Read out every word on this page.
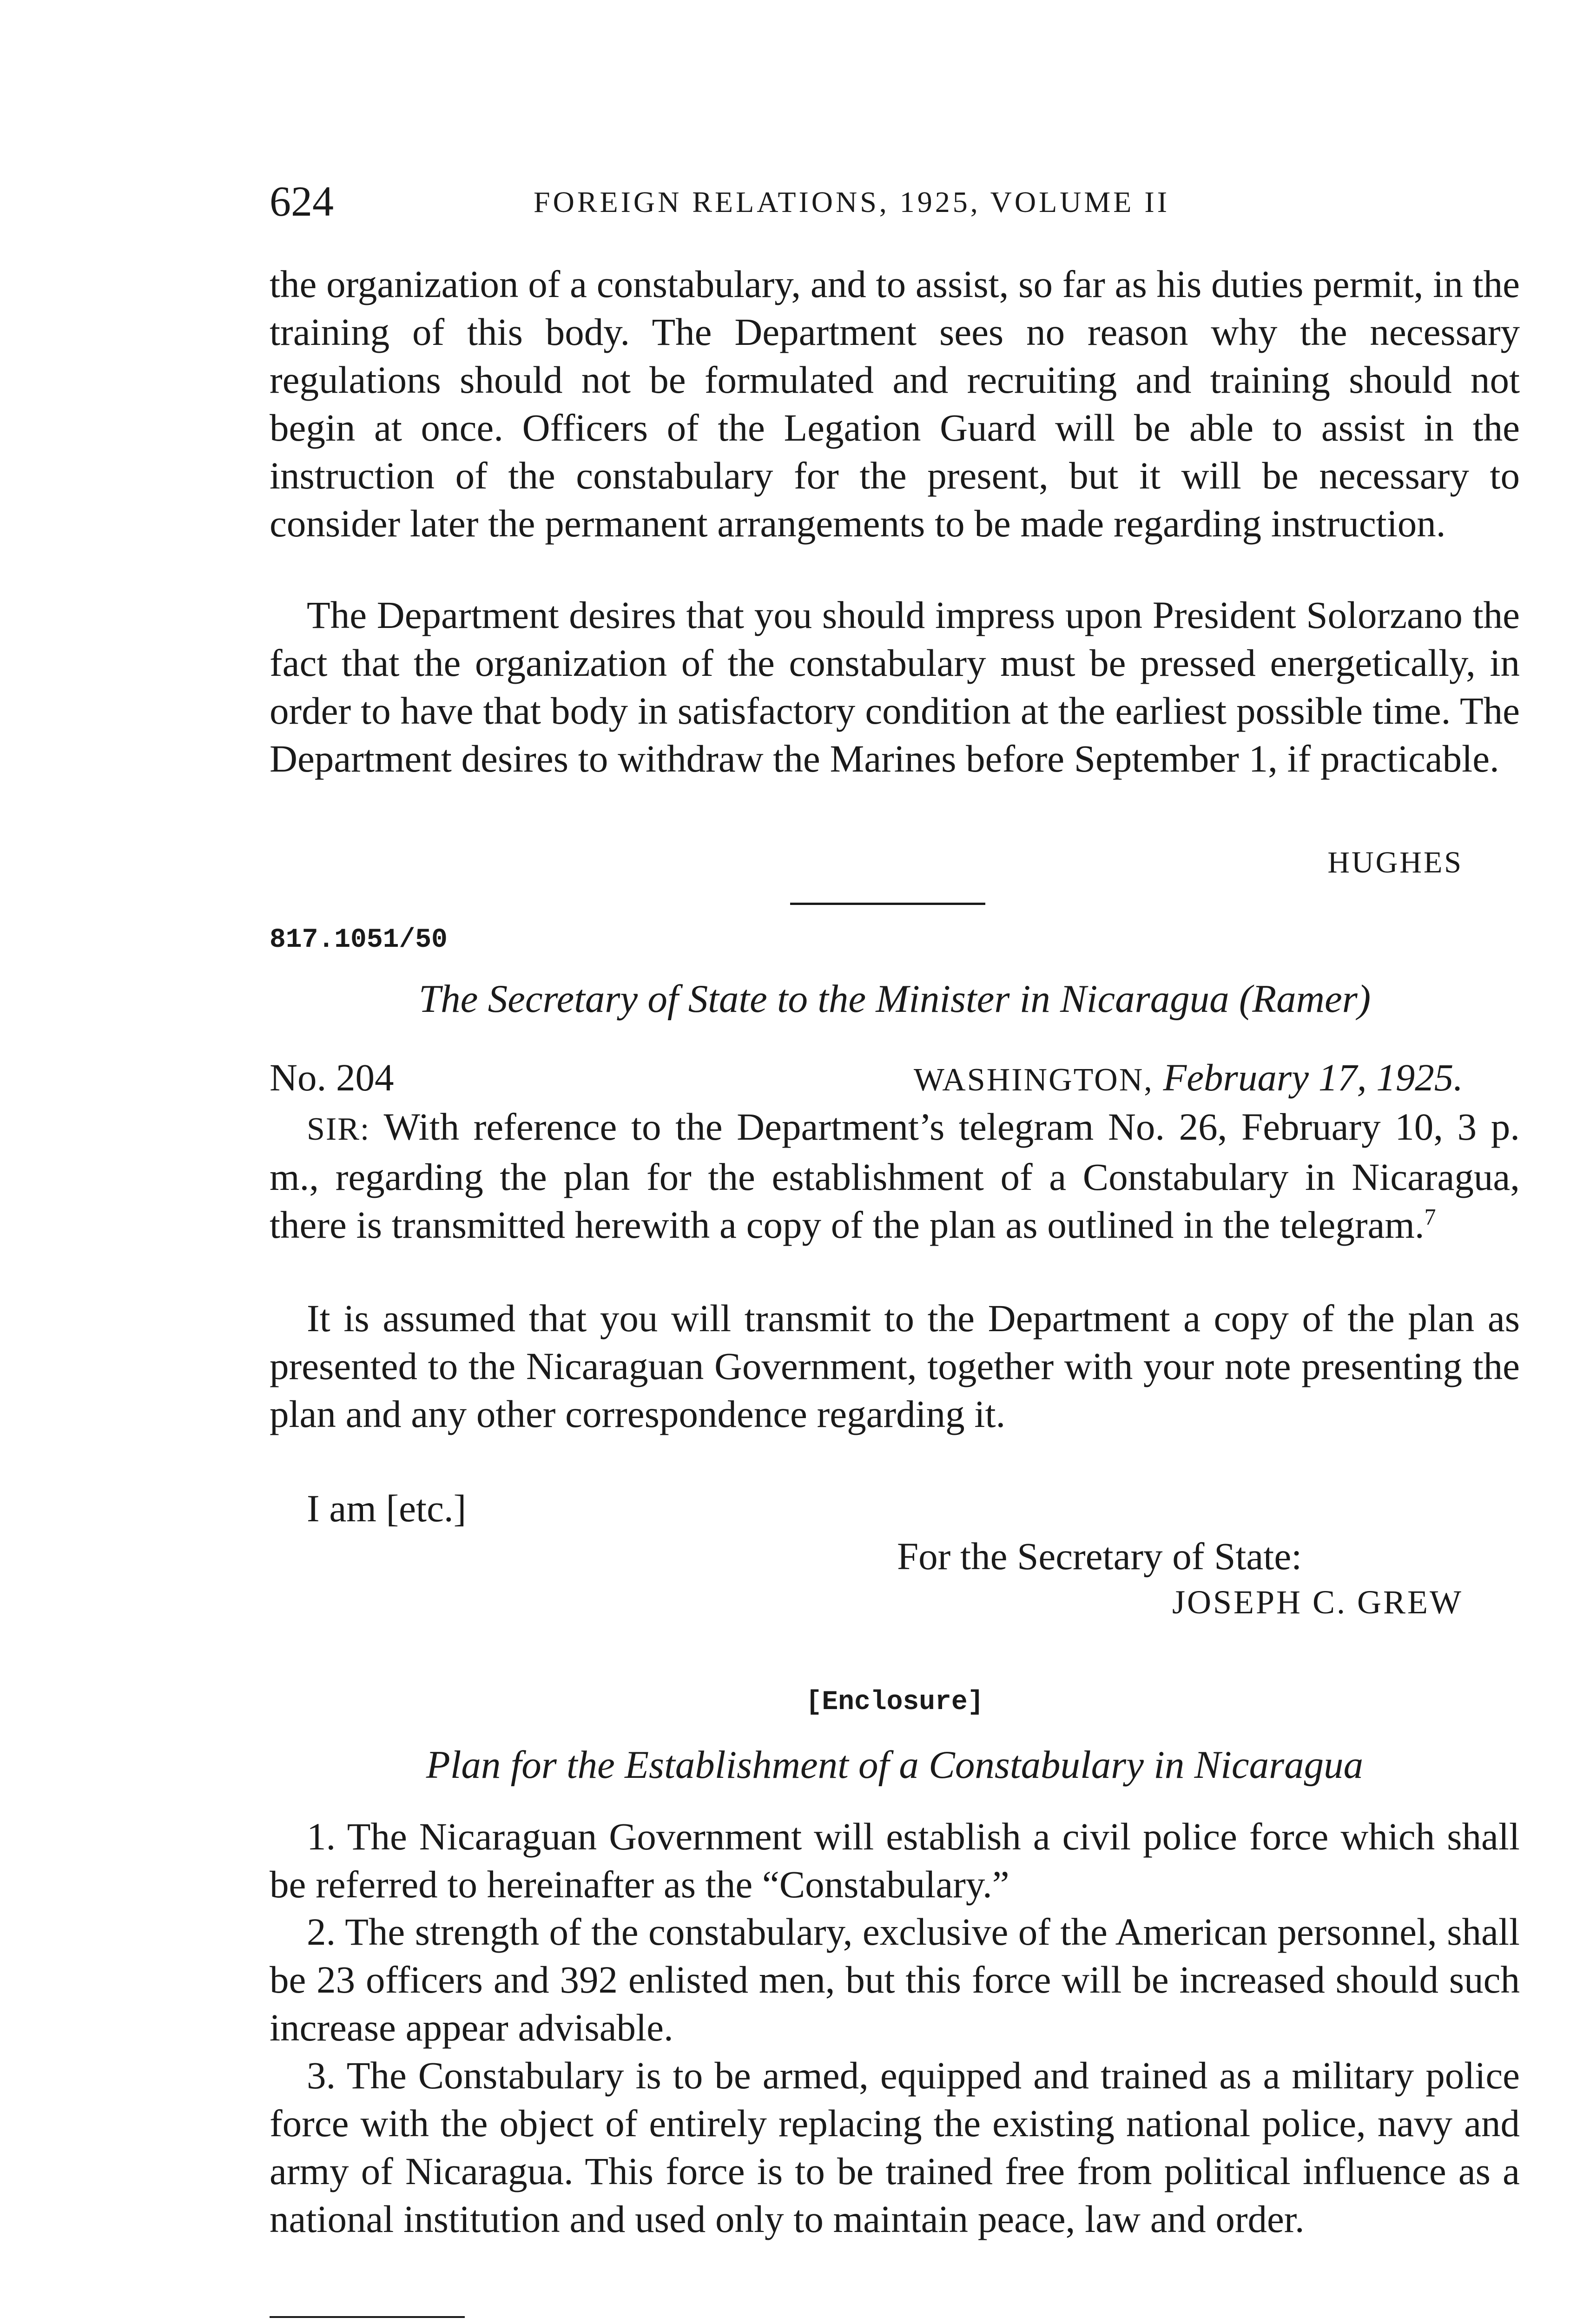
624	FOREIGN RELATIONS, 1925, VOLUME II

the organization of a constabulary, and to assist, so far as his duties permit, in the training of this body. The Department sees no reason why the necessary regulations should not be formulated and recruiting and training should not begin at once. Officers of the Legation Guard will be able to assist in the instruction of the constabulary for the present, but it will be necessary to consider later the permanent arrangements to be made regarding instruction.

The Department desires that you should impress upon President Solorzano the fact that the organization of the constabulary must be pressed energetically, in order to have that body in satisfactory condition at the earliest possible time. The Department desires to withdraw the Marines before September 1, if practicable.

HUGHES
817.1051/50
The Secretary of State to the Minister in Nicaragua (Ramer)
No. 204	WASHINGTON, February 17, 1925.

SIR: With reference to the Department’s telegram No. 26, February 10, 3 p. m., regarding the plan for the establishment of a Constabulary in Nicaragua, there is transmitted herewith a copy of the plan as outlined in the telegram.$^7$

It is assumed that you will transmit to the Department a copy of the plan as presented to the Nicaraguan Government, together with your note presenting the plan and any other correspondence regarding it.

I am [etc.]
For the Secretary of State:
JOSEPH C. GREW
[Enclosure]
Plan for the Establishment of a Constabulary in Nicaragua

1. The Nicaraguan Government will establish a civil police force which shall be referred to hereinafter as the “Constabulary.”

2. The strength of the constabulary, exclusive of the American personnel, shall be 23 officers and 392 enlisted men, but this force will be increased should such increase appear advisable.

3. The Constabulary is to be armed, equipped and trained as a military police force with the object of entirely replacing the existing national police, navy and army of Nicaragua. This force is to be trained free from political influence as a national institution and used only to maintain peace, law and order.
